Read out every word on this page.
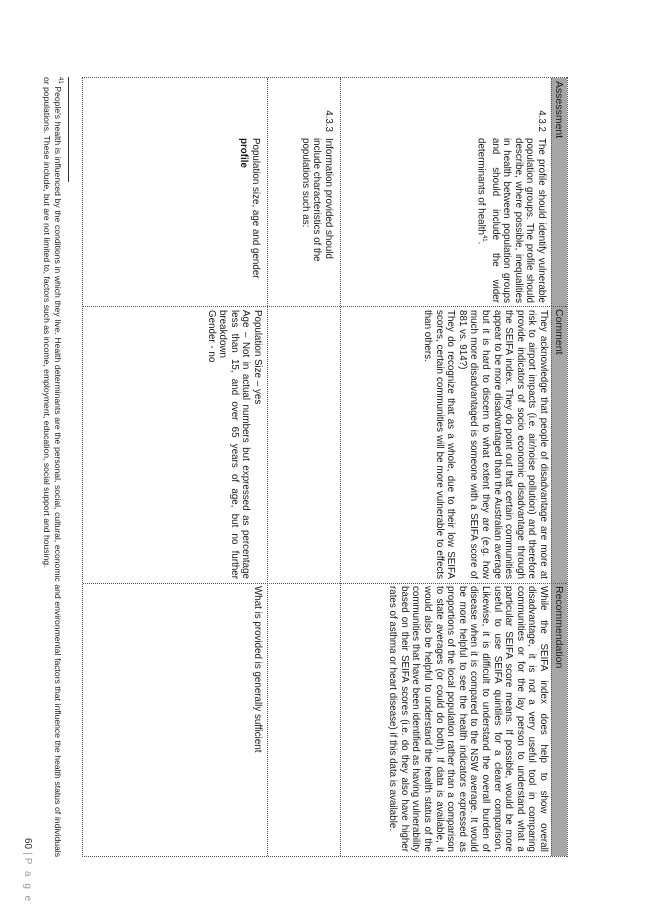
Assessment
Comment
Recommendation
4.3.2
The profile should identify vulnerable population groups. The profile should describe, where possible, inequalities in health between population groups and should include the wider determinants of health$^{41}$.
They acknowledge that people of disadvantage are more at risk to airport impacts (i.e. air/noise pollution) and therefore provide indicators of socio economic disadvantage through the SEIFA index. They do point out that certain communities appear to be more disadvantaged than the Australian average but it is hard to discern to what extent they are (e.g. how much more disadvantaged is someone with a SEIFA score of 881 vs. 914?)
They do recognize that as a whole, due to their low SEIFA scores, certain communities will be more vulnerable to effects than others.
While the SEIFA index does help to show overall disadvantage, it is not a very useful tool in comparing communities or for the lay person to understand what a particular SEIFA score means. If possible, would be more useful to use SEIFA quintiles for a clearer comparison. Likewise, it is difficult to understand the overall burden of disease when it is compared to the NSW average. It would be more helpful to see the health indicators expressed as proportions of the local population rather than a comparison to state averages (or could do both). If data is available, it would also be helpful to understand the health status of the communities that have been identified as having vulnerability based on their SEIFA scores (i.e. do they also have higher rates of asthma or heart disease) if this data is available.
4.3.3
Information provided should include characteristics of the populations such as:
Population size, age and gender profile
Population Size – yes
Age – Not in actual numbers but expressed as percentage less than 15, and over 65 years of age, but no further breakdown
Gender - no
What is provided is generally sufficient
$^{41}$ People's health is influenced by the conditions in which they live. Health determinants are the personal, social, cultural, economic and environmental factors that influence the health status of individuals or populations. These include, but are not limited to, factors such as income, employment, education, social support and housing.
60|P a g e
